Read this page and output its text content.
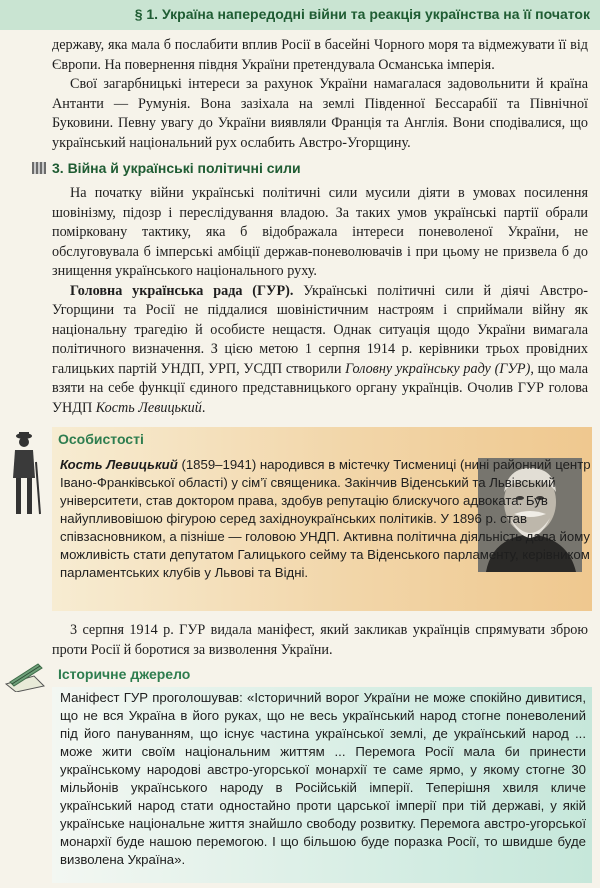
§ 1. Україна напередодні війни та реакція українства на її початок

державу, яка мала б послабити вплив Росії в басейні Чорного моря та відмежувати її від Європи. На повернення півдня України претендувала Османська імперія.

Свої загарбницькі інтереси за рахунок України намагалася задовольнити й країна Антанти — Румунія. Вона зазіхала на землі Південної Бессарабії та Північної Буковини. Певну увагу до України виявляли Франція та Англія. Вони сподівалися, що український національний рух ослабить Австро-Угорщину.

3. Війна й українські політичні сили

На початку війни українські політичні сили мусили діяти в умовах посилення шовінізму, підозр і переслідування владою. За таких умов українські партії обрали помірковану тактику, яка б відображала інтереси поневоленої України, не обслуговувала б імперські амбіції держав-поневолювачів і при цьому не призвела б до знищення українського національного руху.

Головна українська рада (ГУР). Українські політичні сили й діячі Австро-Угорщини та Росії не піддалися шовіністичним настроям і сприймали війну як національну трагедію й особисте нещастя. Однак ситуація щодо України вимагала політичного визначення. З цією метою 1 серпня 1914 р. керівники трьох провідних галицьких партій УНДП, УРП, УСДП створили Головну українську раду (ГУР), що мала взяти на себе функції єдиного представницького органу українців. Очолив ГУР голова УНДП Кость Левицький.

Особистості

Кость Левицький (1859–1941) народився в містечку Тисмениці (нині районний центр Івано-Франківської області) у сім’ї священика. Закінчив Віденський та Львівський університети, став доктором права, здобув репутацію блискучого адвоката. Був найупливовішою фігурою серед західноукраїнських політиків. У 1896 р. став співзасновником, а пізніше — головою УНДП. Активна політична діяльність дала йому можливість стати депутатом Галицького сейму та Віденського парламенту, керівником парламентських клубів у Львові та Відні.

3 серпня 1914 р. ГУР видала маніфест, який закликав українців спрямувати зброю проти Росії й боротися за визволення України.

Історичне джерело

Маніфест ГУР проголошував: «Історичний ворог України не може спокійно дивитися, що не вся Україна в його руках, що не весь український народ стогне поневолений під його пануванням, що існує частина української землі, де український народ ... може жити своїм національним життям ... Перемога Росії мала би принести українському народові австро-угорської монархії те саме ярмо, у якому стогне 30 мільйонів українського народу в Російській імперії. Теперішня хвиля кличе український народ стати одностайно проти царської імперії при тій державі, у якій українське національне життя знайшло свободу розвитку. Перемога австро-угорської монархії буде нашою перемогою. І що більшою буде поразка Росії, то швидше буде визволена Україна».
